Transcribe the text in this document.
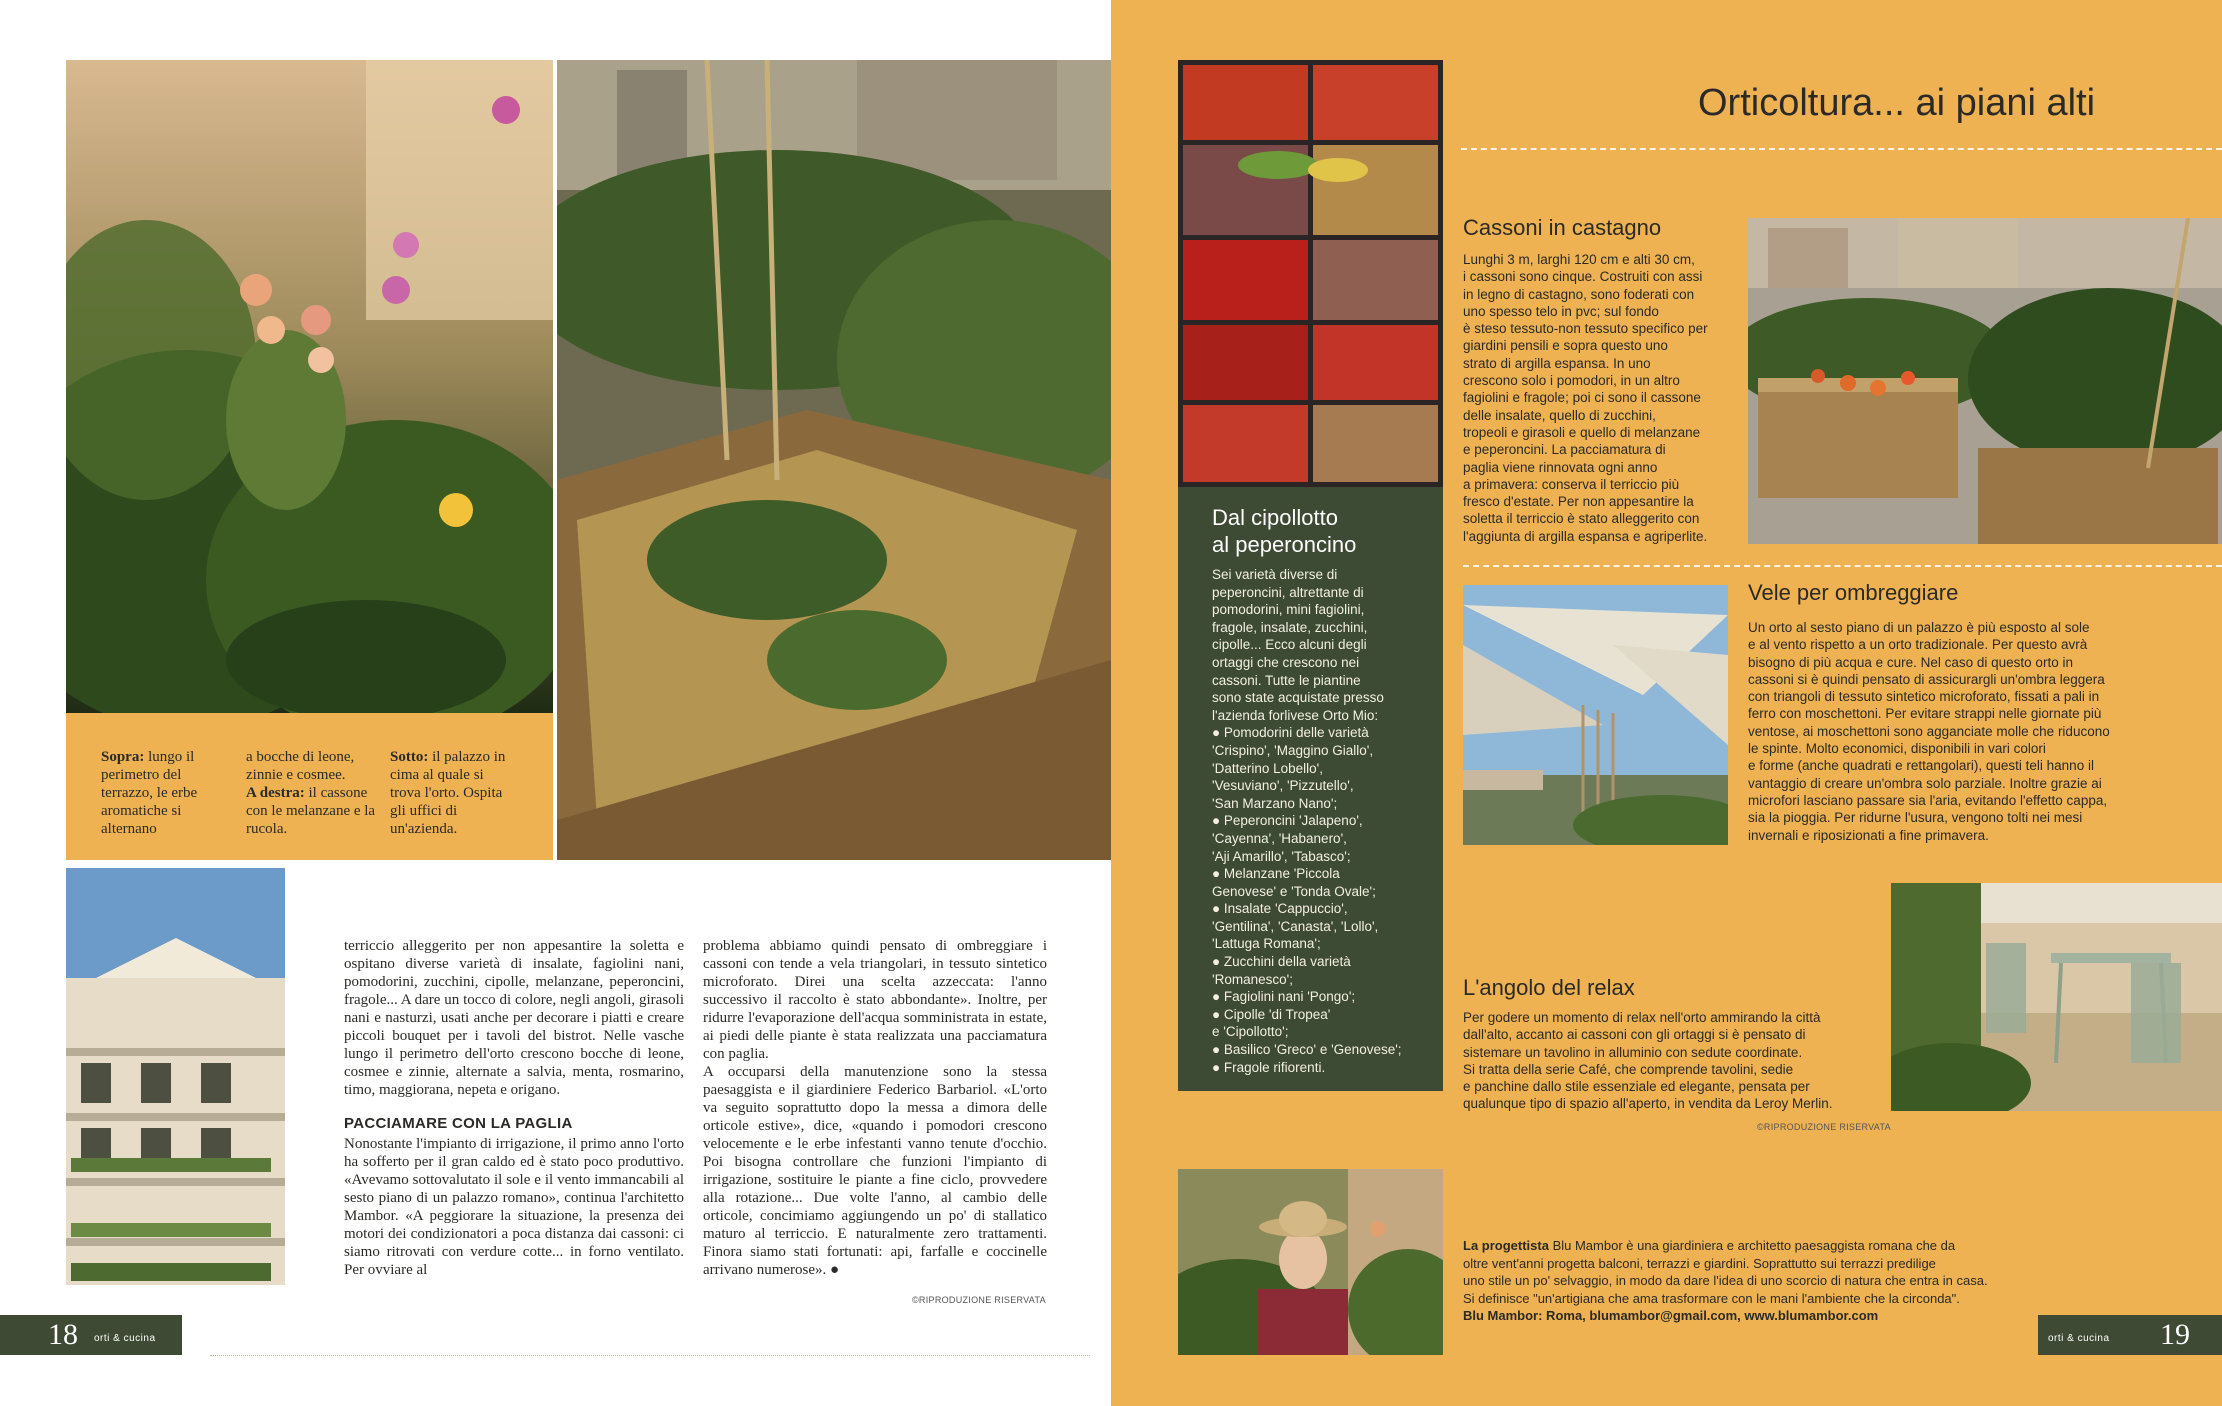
Sopra: lungo il perimetro del terrazzo, le erbe aromatiche si alternano
a bocche di leone, zinnie e cosmee.
A destra: il cassone con le melanzane e la rucola.
Sotto: il palazzo in cima al quale si trova l'orto. Ospita gli uffici di un'azienda.

terriccio alleggerito per non appesantire la soletta e ospitano diverse varietà di insalate, fagiolini nani, pomodorini, zucchini, cipolle, melanzane, peperoncini, fragole... A dare un tocco di colore, negli angoli, girasoli nani e nasturzi, usati anche per decorare i piatti e creare piccoli bouquet per i tavoli del bistrot. Nelle vasche lungo il perimetro dell'orto crescono bocche di leone, cosmee e zinnie, alternate a salvia, menta, rosmarino, timo, maggiorana, nepeta e origano.

PACCIAMARE CON LA PAGLIA

Nonostante l'impianto di irrigazione, il primo anno l'orto ha sofferto per il gran caldo ed è stato poco produttivo. «Avevamo sottovalutato il sole e il vento immancabili al sesto piano di un palazzo romano», continua l'architetto Mambor. «A peggiorare la situazione, la presenza dei motori dei condizionatori a poca distanza dai cassoni: ci siamo ritrovati con verdure cotte... in forno ventilato. Per ovviare al

problema abbiamo quindi pensato di ombreggiare i cassoni con tende a vela triangolari, in tessuto sintetico microforato. Direi una scelta azzeccata: l'anno successivo il raccolto è stato abbondante». Inoltre, per ridurre l'evaporazione dell'acqua somministrata in estate, ai piedi delle piante è stata realizzata una pacciamatura con paglia.

A occuparsi della manutenzione sono la stessa paesaggista e il giardiniere Federico Barbariol. «L'orto va seguito soprattutto dopo la messa a dimora delle orticole estive», dice, «quando i pomodori crescono velocemente e le erbe infestanti vanno tenute d'occhio. Poi bisogna controllare che funzioni l'impianto di irrigazione, sostituire le piante a fine ciclo, provvedere alla rotazione... Due volte l'anno, al cambio delle orticole, concimiamo aggiungendo un po' di stallatico maturo al terriccio. E naturalmente zero trattamenti. Finora siamo stati fortunati: api, farfalle e coccinelle arrivano numerose». ●

©RIPRODUZIONE RISERVATA
18 orti & cucina
Dal cipollotto
al peperoncino
Sei varietà diverse di
peperoncini, altrettante di
pomodorini, mini fagiolini,
fragole, insalate, zucchini,
cipolle... Ecco alcuni degli
ortaggi che crescono nei
cassoni. Tutte le piantine
sono state acquistate presso
l'azienda forlivese Orto Mio:
● Pomodorini delle varietà
'Crispino', 'Maggino Giallo',
'Datterino Lobello',
'Vesuviano', 'Pizzutello',
'San Marzano Nano';
● Peperoncini 'Jalapeno',
'Cayenna', 'Habanero',
'Aji Amarillo', 'Tabasco';
● Melanzane 'Piccola
Genovese' e 'Tonda Ovale';
● Insalate 'Cappuccio',
'Gentilina', 'Canasta', 'Lollo',
'Lattuga Romana';
● Zucchini della varietà
'Romanesco';
● Fagiolini nani 'Pongo';
● Cipolle 'di Tropea'
e 'Cipollotto';
● Basilico 'Greco' e 'Genovese';
● Fragole rifiorenti.
Orticoltura... ai piani alti
Cassoni in castagno
Lunghi 3 m, larghi 120 cm e alti 30 cm,
i cassoni sono cinque. Costruiti con assi
in legno di castagno, sono foderati con
uno spesso telo in pvc; sul fondo
è steso tessuto-non tessuto specifico per
giardini pensili e sopra questo uno
strato di argilla espansa. In uno
crescono solo i pomodori, in un altro
fagiolini e fragole; poi ci sono il cassone
delle insalate, quello di zucchini,
tropeoli e girasoli e quello di melanzane
e peperoncini. La pacciamatura di
paglia viene rinnovata ogni anno
a primavera: conserva il terriccio più
fresco d'estate. Per non appesantire la
soletta il terriccio è stato alleggerito con
l'aggiunta di argilla espansa e agriperlite.
Vele per ombreggiare
Un orto al sesto piano di un palazzo è più esposto al sole
e al vento rispetto a un orto tradizionale. Per questo avrà
bisogno di più acqua e cure. Nel caso di questo orto in
cassoni si è quindi pensato di assicurargli un'ombra leggera
con triangoli di tessuto sintetico microforato, fissati a pali in
ferro con moschettoni. Per evitare strappi nelle giornate più
ventose, ai moschettoni sono agganciate molle che riducono
le spinte. Molto economici, disponibili in vari colori
e forme (anche quadrati e rettangolari), questi teli hanno il
vantaggio di creare un'ombra solo parziale. Inoltre grazie ai
microfori lasciano passare sia l'aria, evitando l'effetto cappa,
sia la pioggia. Per ridurne l'usura, vengono tolti nei mesi
invernali e riposizionati a fine primavera.
L'angolo del relax
Per godere un momento di relax nell'orto ammirando la città
dall'alto, accanto ai cassoni con gli ortaggi si è pensato di
sistemare un tavolino in alluminio con sedute coordinate.
Si tratta della serie Café, che comprende tavolini, sedie
e panchine dallo stile essenziale ed elegante, pensata per
qualunque tipo di spazio all'aperto, in vendita da Leroy Merlin.
©RIPRODUZIONE RISERVATA
La progettista Blu Mambor è una giardiniera e architetto paesaggista romana che da
oltre vent'anni progetta balconi, terrazzi e giardini. Soprattutto sui terrazzi predilige
uno stile un po' selvaggio, in modo da dare l'idea di uno scorcio di natura che entra in casa.
Si definisce "un'artigiana che ama trasformare con le mani l'ambiente che la circonda".
Blu Mambor: Roma, blumambor@gmail.com, www.blumambor.com
orti & cucina 19
